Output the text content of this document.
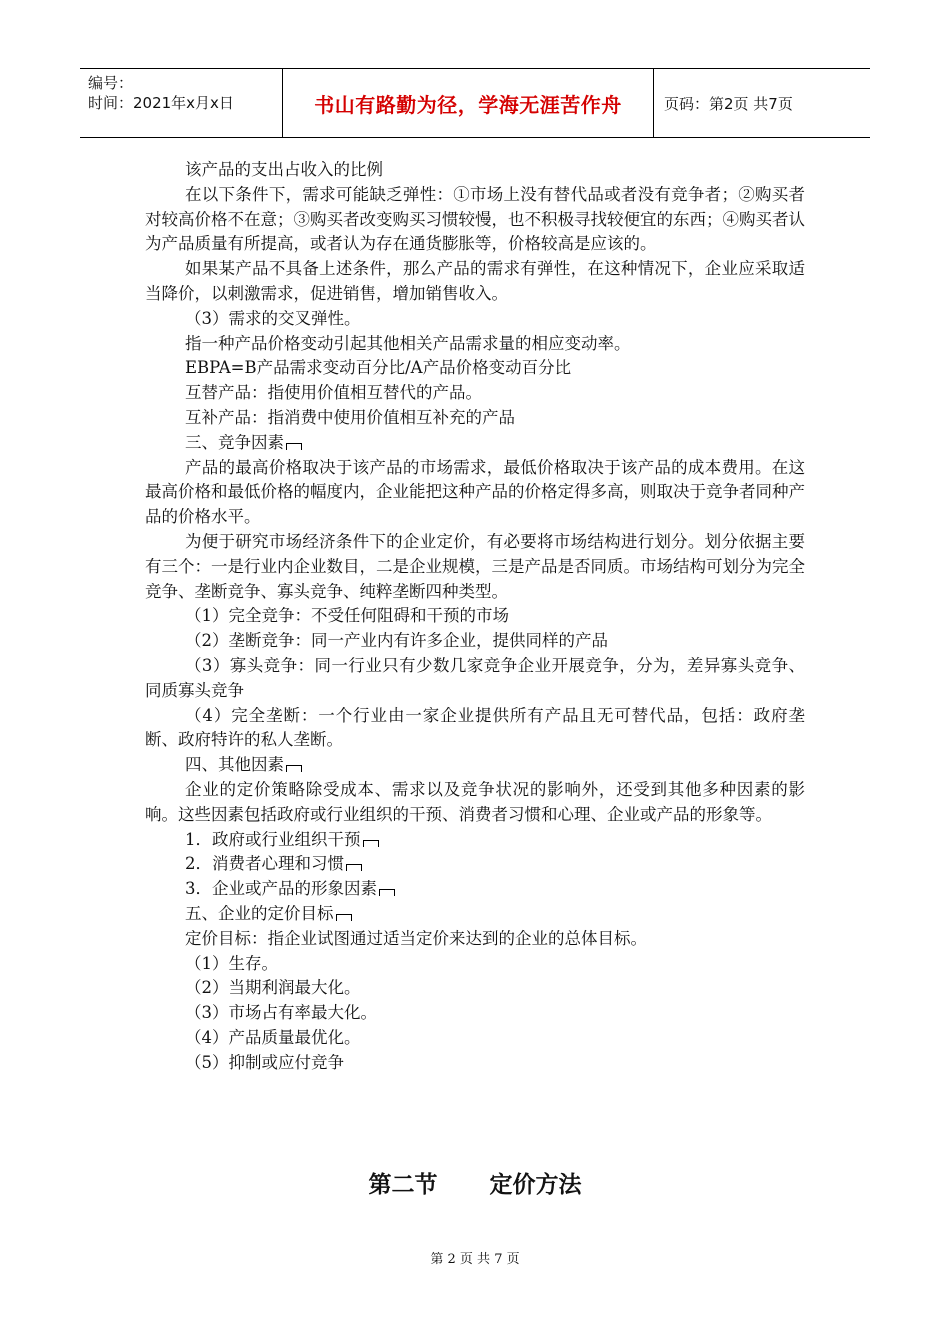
编号：
时间：2021年x月x日	书山有路勤为径，学海无涯苦作舟	页码：第2页 共7页

该产品的支出占收入的比例

在以下条件下，需求可能缺乏弹性：①市场上没有替代品或者没有竞争者；②购买者对较高价格不在意；③购买者改变购买习惯较慢，也不积极寻找较便宜的东西；④购买者认为产品质量有所提高，或者认为存在通货膨胀等，价格较高是应该的。

如果某产品不具备上述条件，那么产品的需求有弹性，在这种情况下，企业应采取适当降价，以刺激需求，促进销售，增加销售收入。

（3）需求的交叉弹性。

指一种产品价格变动引起其他相关产品需求量的相应变动率。

EBPA=B产品需求变动百分比/A产品价格变动百分比

互替产品：指使用价值相互替代的产品。

互补产品：指消费中使用价值相互补充的产品

三、竞争因素

产品的最高价格取决于该产品的市场需求，最低价格取决于该产品的成本费用。在这最高价格和最低价格的幅度内，企业能把这种产品的价格定得多高，则取决于竞争者同种产品的价格水平。

为便于研究市场经济条件下的企业定价，有必要将市场结构进行划分。划分依据主要有三个：一是行业内企业数目，二是企业规模，三是产品是否同质。市场结构可划分为完全竞争、垄断竞争、寡头竞争、纯粹垄断四种类型。

（1）完全竞争：不受任何阻碍和干预的市场

（2）垄断竞争：同一产业内有许多企业，提供同样的产品

（3）寡头竞争：同一行业只有少数几家竞争企业开展竞争，分为，差异寡头竞争、同质寡头竞争

（4）完全垄断：一个行业由一家企业提供所有产品且无可替代品，包括：政府垄断、政府特许的私人垄断。

四、其他因素

企业的定价策略除受成本、需求以及竞争状况的影响外，还受到其他多种因素的影响。这些因素包括政府或行业组织的干预、消费者习惯和心理、企业或产品的形象等。

1．政府或行业组织干预

2．消费者心理和习惯

3．企业或产品的形象因素

五、企业的定价目标

定价目标：指企业试图通过适当定价来达到的企业的总体目标。

（1）生存。

（2）当期利润最大化。

（3）市场占有率最大化。

（4）产品质量最优化。

（5）抑制或应付竞争

第二节 定价方法
第 2 页 共 7 页
